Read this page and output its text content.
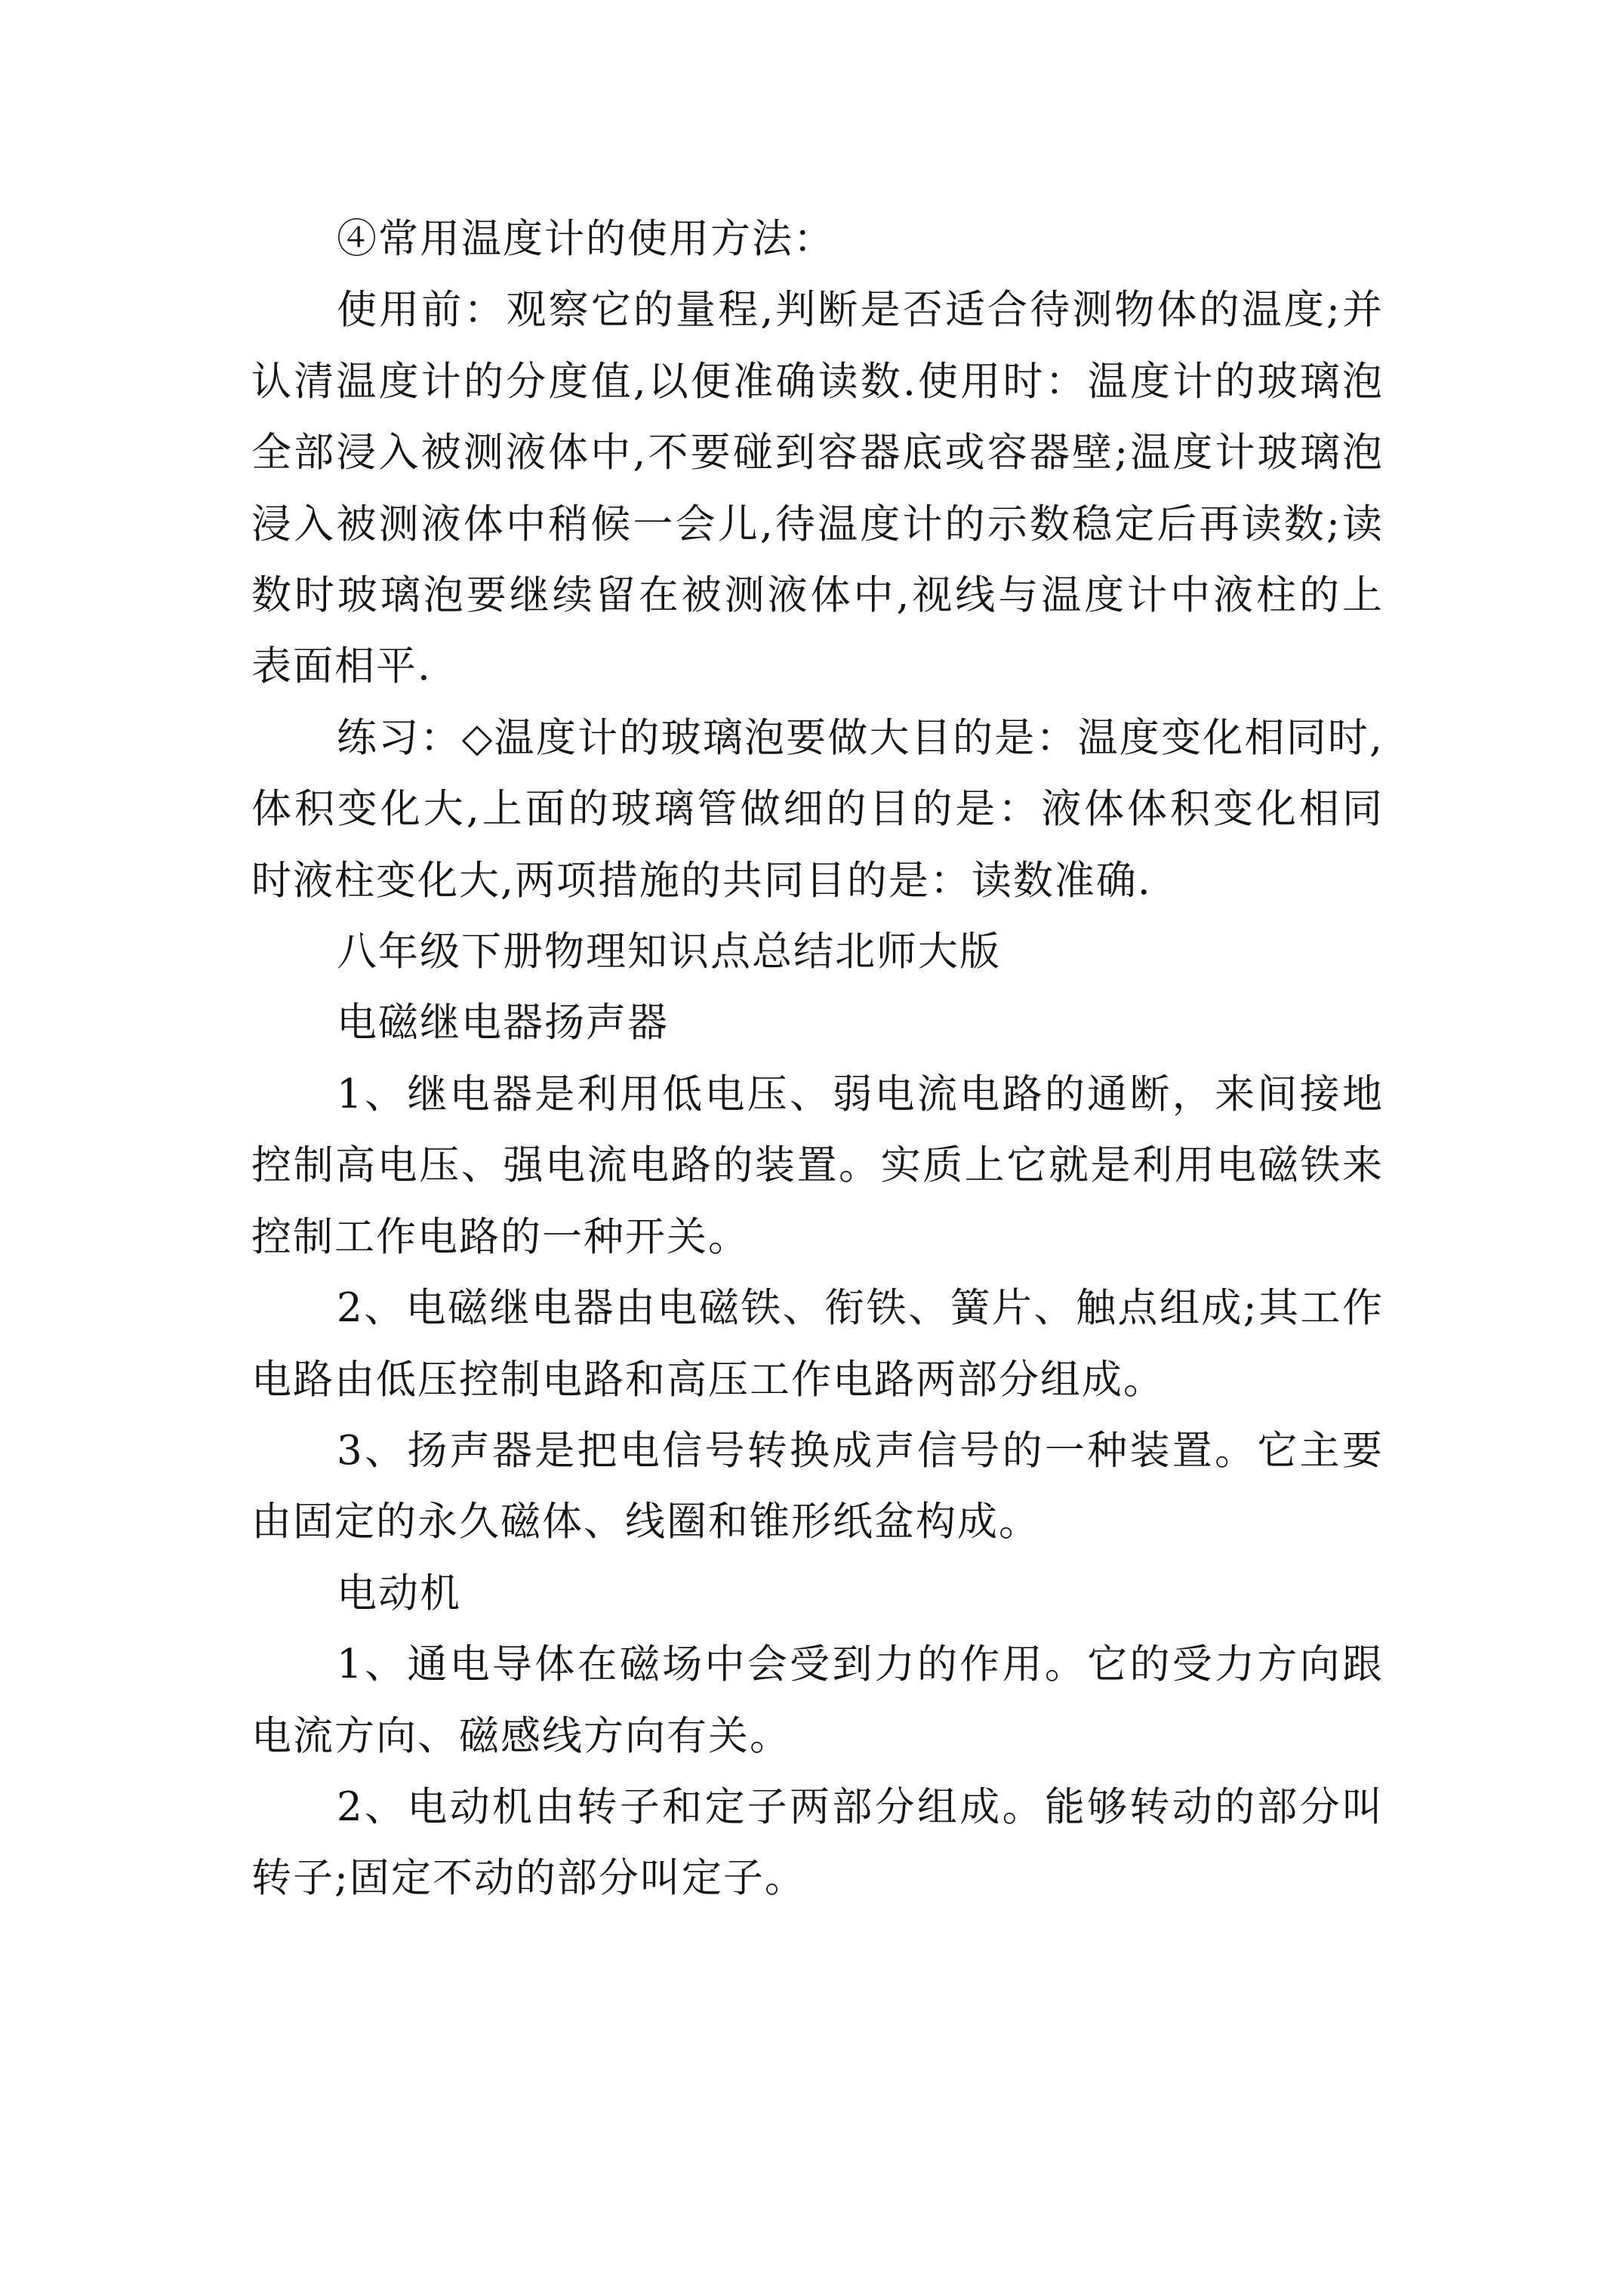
④常用温度计的使用方法：

使用前：观察它的量程,判断是否适合待测物体的温度;并认清温度计的分度值,以便准确读数.使用时：温度计的玻璃泡全部浸入被测液体中,不要碰到容器底或容器壁;温度计玻璃泡浸入被测液体中稍候一会儿,待温度计的示数稳定后再读数;读数时玻璃泡要继续留在被测液体中,视线与温度计中液柱的上表面相平.

练习：◇温度计的玻璃泡要做大目的是：温度变化相同时,体积变化大,上面的玻璃管做细的目的是：液体体积变化相同时液柱变化大,两项措施的共同目的是：读数准确.

八年级下册物理知识点总结北师大版

电磁继电器扬声器

1、继电器是利用低电压、弱电流电路的通断，来间接地控制高电压、强电流电路的装置。实质上它就是利用电磁铁来控制工作电路的一种开关。

2、电磁继电器由电磁铁、衔铁、簧片、触点组成;其工作电路由低压控制电路和高压工作电路两部分组成。

3、扬声器是把电信号转换成声信号的一种装置。它主要由固定的永久磁体、线圈和锥形纸盆构成。

电动机

1、通电导体在磁场中会受到力的作用。它的受力方向跟电流方向、磁感线方向有关。

2、电动机由转子和定子两部分组成。能够转动的部分叫转子;固定不动的部分叫定子。
